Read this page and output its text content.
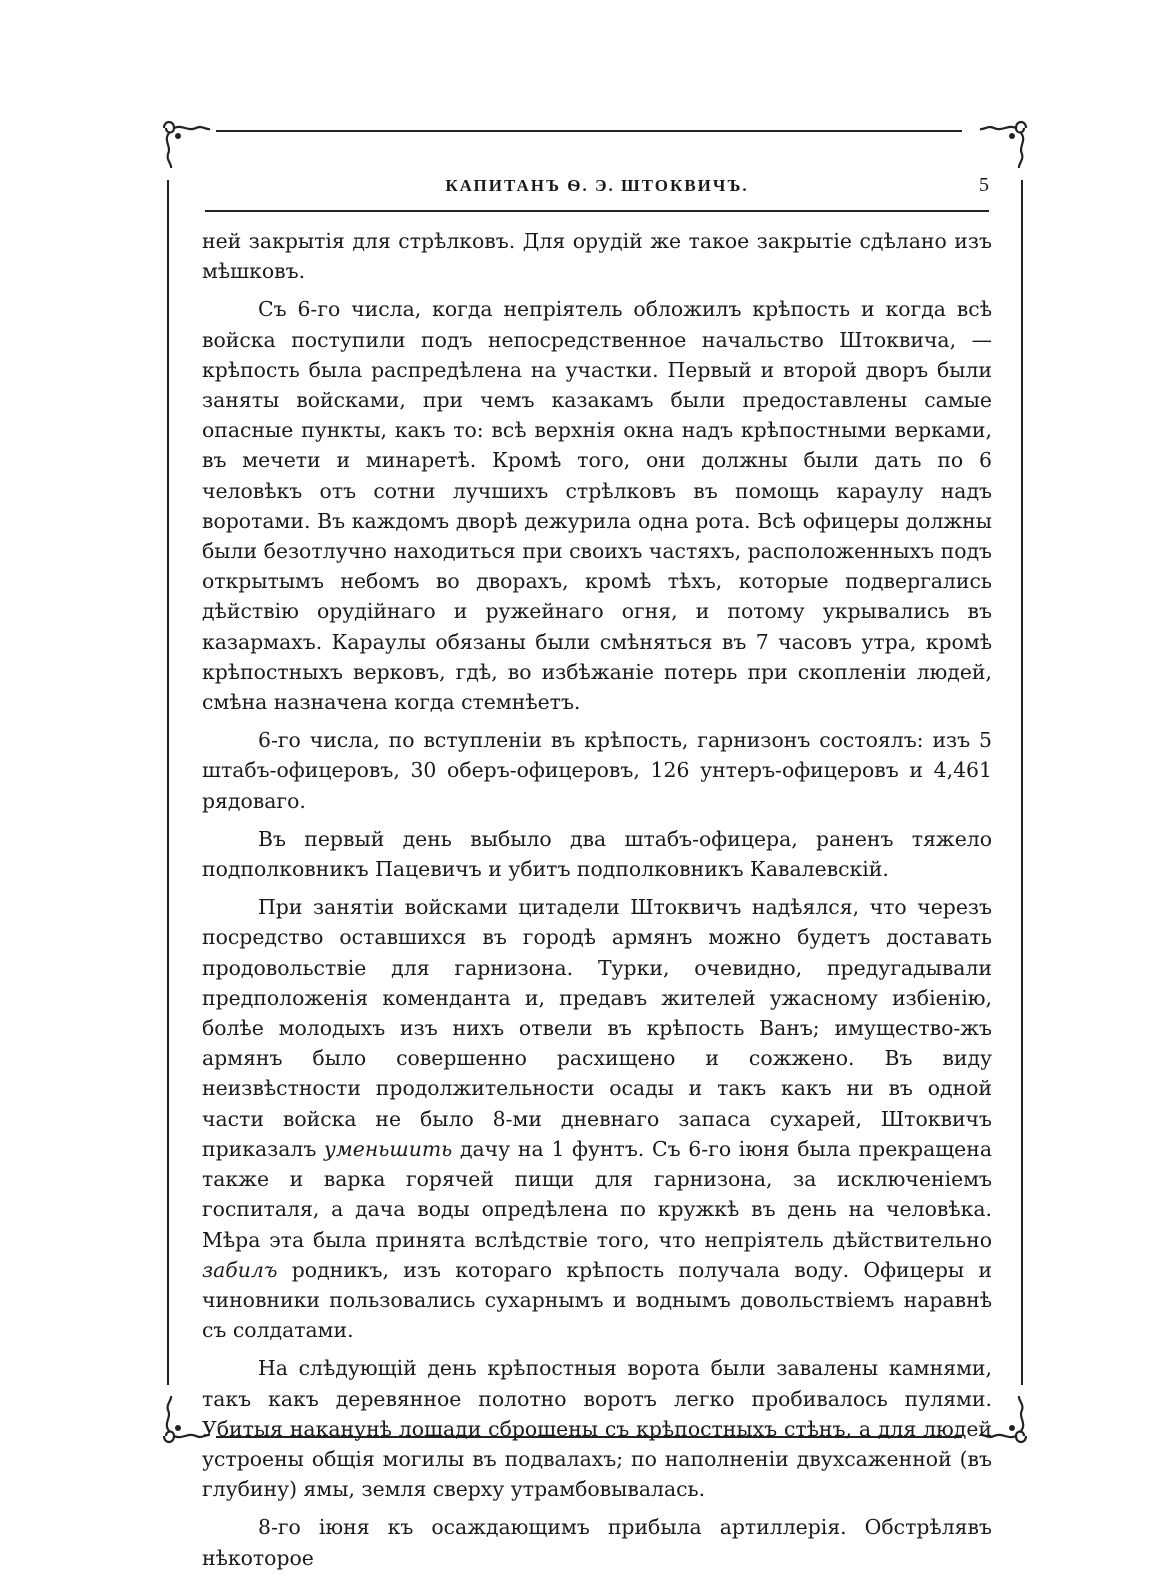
КАПИТАНЪ Ѳ. Э. ШТОКВИЧЪ.	5

ней закрытія для стрѣлковъ. Для орудій же такое закрытіе сдѣлано изъ мѣшковъ.

Съ 6-го числа, когда непріятель обложилъ крѣпость и когда всѣ войска поступили подъ непосредственное начальство Штоквича, — крѣпость была распредѣлена на участки. Первый и второй дворъ были заняты войсками, при чемъ казакамъ были предоставлены самые опасные пункты, какъ то: всѣ верхнія окна надъ крѣпостными верками, въ мечети и минаретѣ. Кромѣ того, они должны были дать по 6 человѣкъ отъ сотни лучшихъ стрѣлковъ въ помощь караулу надъ воротами. Въ каждомъ дворѣ дежурила одна рота. Всѣ офицеры должны были безотлучно находиться при своихъ частяхъ, расположенныхъ подъ открытымъ небомъ во дворахъ, кромѣ тѣхъ, которые подвергались дѣйствію орудійнаго и ружейнаго огня, и потому укрывались въ казармахъ. Караулы обязаны были смѣняться въ 7 часовъ утра, кромѣ крѣпостныхъ верковъ, гдѣ, во избѣжаніе потерь при скопленіи людей, смѣна назначена когда стемнѣетъ.

6-го числа, по вступленіи въ крѣпость, гарнизонъ состоялъ: изъ 5 штабъ-офицеровъ, 30 оберъ-офицеровъ, 126 унтеръ-офицеровъ и 4,461 рядоваго.

Въ первый день выбыло два штабъ-офицера, раненъ тяжело подполковникъ Пацевичъ и убитъ подполковникъ Кавалевскій.

При занятіи войсками цитадели Штоквичъ надѣялся, что черезъ посредство оставшихся въ городѣ армянъ можно будетъ доставать продовольствіе для гарнизона. Турки, очевидно, предугадывали предположенія коменданта и, предавъ жителей ужасному избіенію, болѣе молодыхъ изъ нихъ отвели въ крѣпость Ванъ; имущество-жъ армянъ было совершенно расхищено и сожжено. Въ виду неизвѣстности продолжительности осады и такъ какъ ни въ одной части войска не было 8-ми дневнаго запаса сухарей, Штоквичъ приказалъ уменьшить дачу на 1 фунтъ. Съ 6-го іюня была прекращена также и варка горячей пищи для гарнизона, за исключеніемъ госпиталя, а дача воды опредѣлена по кружкѣ въ день на человѣка. Мѣра эта была принята вслѣдствіе того, что непріятель дѣйствительно забилъ родникъ, изъ котораго крѣпость получала воду. Офицеры и чиновники пользовались сухарнымъ и воднымъ довольствіемъ наравнѣ съ солдатами.

На слѣдующій день крѣпостныя ворота были завалены камнями, такъ какъ деревянное полотно воротъ легко пробивалось пулями. Убитыя наканунѣ лошади сброшены съ крѣпостныхъ стѣнъ, а для людей устроены общія могилы въ подвалахъ; по наполненіи двухсаженной (въ глубину) ямы, земля сверху утрамбовывалась.

8-го іюня къ осаждающимъ прибыла артиллерія. Обстрѣлявъ нѣкоторое
